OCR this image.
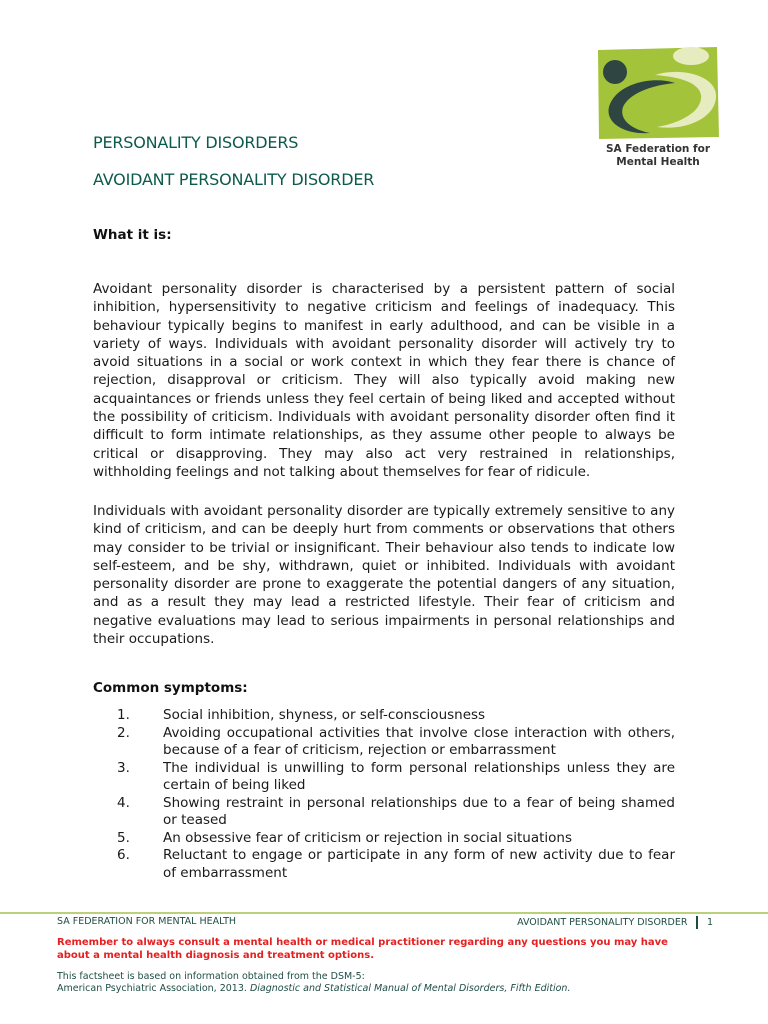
SA Federation for
Mental Health
PERSONALITY DISORDERS
AVOIDANT PERSONALITY DISORDER
What it is:

Avoidant personality disorder is characterised by a persistent pattern of social inhibition, hypersensitivity to negative criticism and feelings of inadequacy. This behaviour typically begins to manifest in early adulthood, and can be visible in a variety of ways. Individuals with avoidant personality disorder will actively try to avoid situations in a social or work context in which they fear there is chance of rejection, disapproval or criticism. They will also typically avoid making new acquaintances or friends unless they feel certain of being liked and accepted without the possibility of criticism. Individuals with avoidant personality disorder often find it difficult to form intimate relationships, as they assume other people to always be critical or disapproving. They may also act very restrained in relationships, withholding feelings and not talking about themselves for fear of ridicule.

Individuals with avoidant personality disorder are typically extremely sensitive to any kind of criticism, and can be deeply hurt from comments or observations that others may consider to be trivial or insignificant. Their behaviour also tends to indicate low self-esteem, and be shy, withdrawn, quiet or inhibited. Individuals with avoidant personality disorder are prone to exaggerate the potential dangers of any situation, and as a result they may lead a restricted lifestyle. Their fear of criticism and negative evaluations may lead to serious impairments in personal relationships and their occupations.

Common symptoms:
1.	Social inhibition, shyness, or self-consciousness
2.	Avoiding occupational activities that involve close interaction with others, because of a fear of criticism, rejection or embarrassment
3.	The individual is unwilling to form personal relationships unless they are certain of being liked
4.	Showing restraint in personal relationships due to a fear of being shamed or teased
5.	An obsessive fear of criticism or rejection in social situations
6.	Reluctant to engage or participate in any form of new activity due to fear of embarrassment
SA FEDERATION FOR MENTAL HEALTH	AVOIDANT PERSONALITY DISORDER 1
Remember to always consult a mental health or medical practitioner regarding any questions you may have about a mental health diagnosis and treatment options.
This factsheet is based on information obtained from the DSM-5:
American Psychiatric Association, 2013. Diagnostic and Statistical Manual of Mental Disorders, Fifth Edition.
